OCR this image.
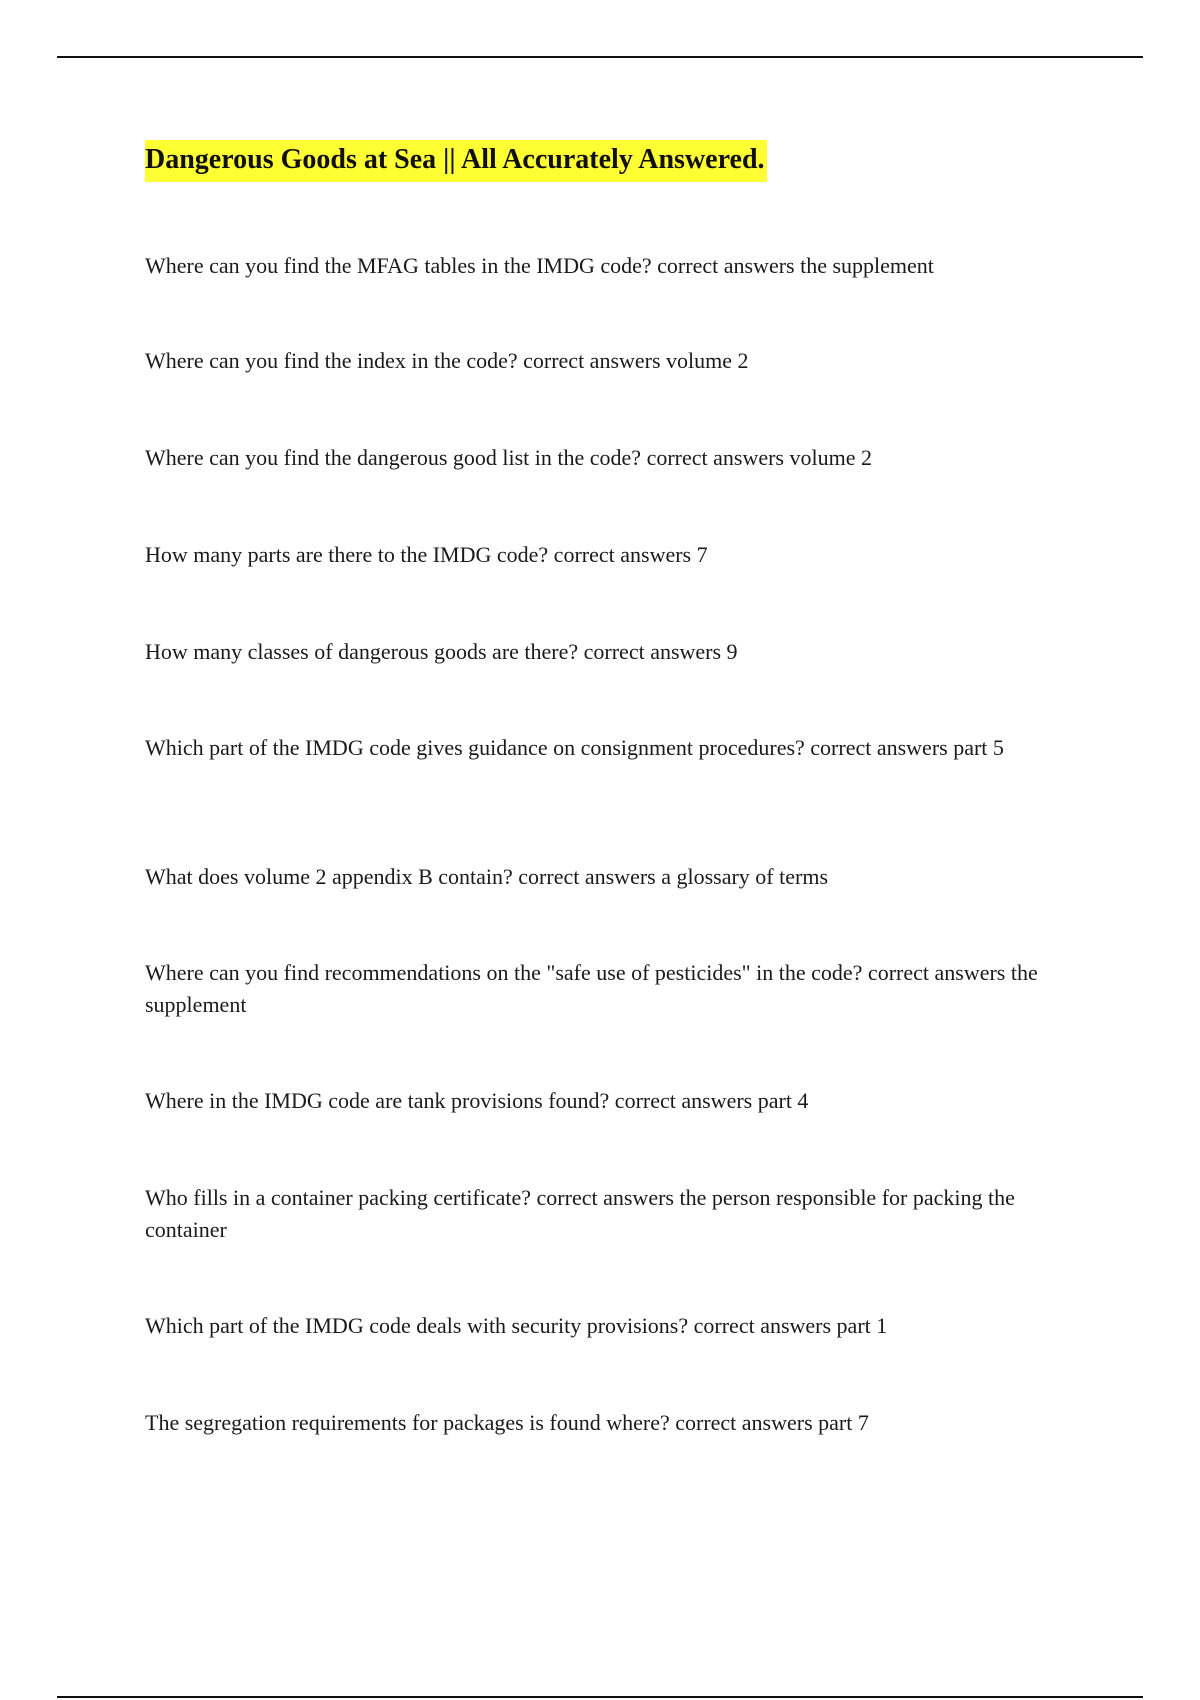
Dangerous Goods at Sea || All Accurately Answered.

Where can you find the MFAG tables in the IMDG code? correct answers the supplement

Where can you find the index in the code? correct answers volume 2

Where can you find the dangerous good list in the code? correct answers volume 2

How many parts are there to the IMDG code? correct answers 7

How many classes of dangerous goods are there? correct answers 9

Which part of the IMDG code gives guidance on consignment procedures? correct answers part 5

What does volume 2 appendix B contain? correct answers a glossary of terms

Where can you find recommendations on the "safe use of pesticides" in the code? correct answers the supplement

Where in the IMDG code are tank provisions found? correct answers part 4

Who fills in a container packing certificate? correct answers the person responsible for packing the container

Which part of the IMDG code deals with security provisions? correct answers part 1

The segregation requirements for packages is found where? correct answers part 7
